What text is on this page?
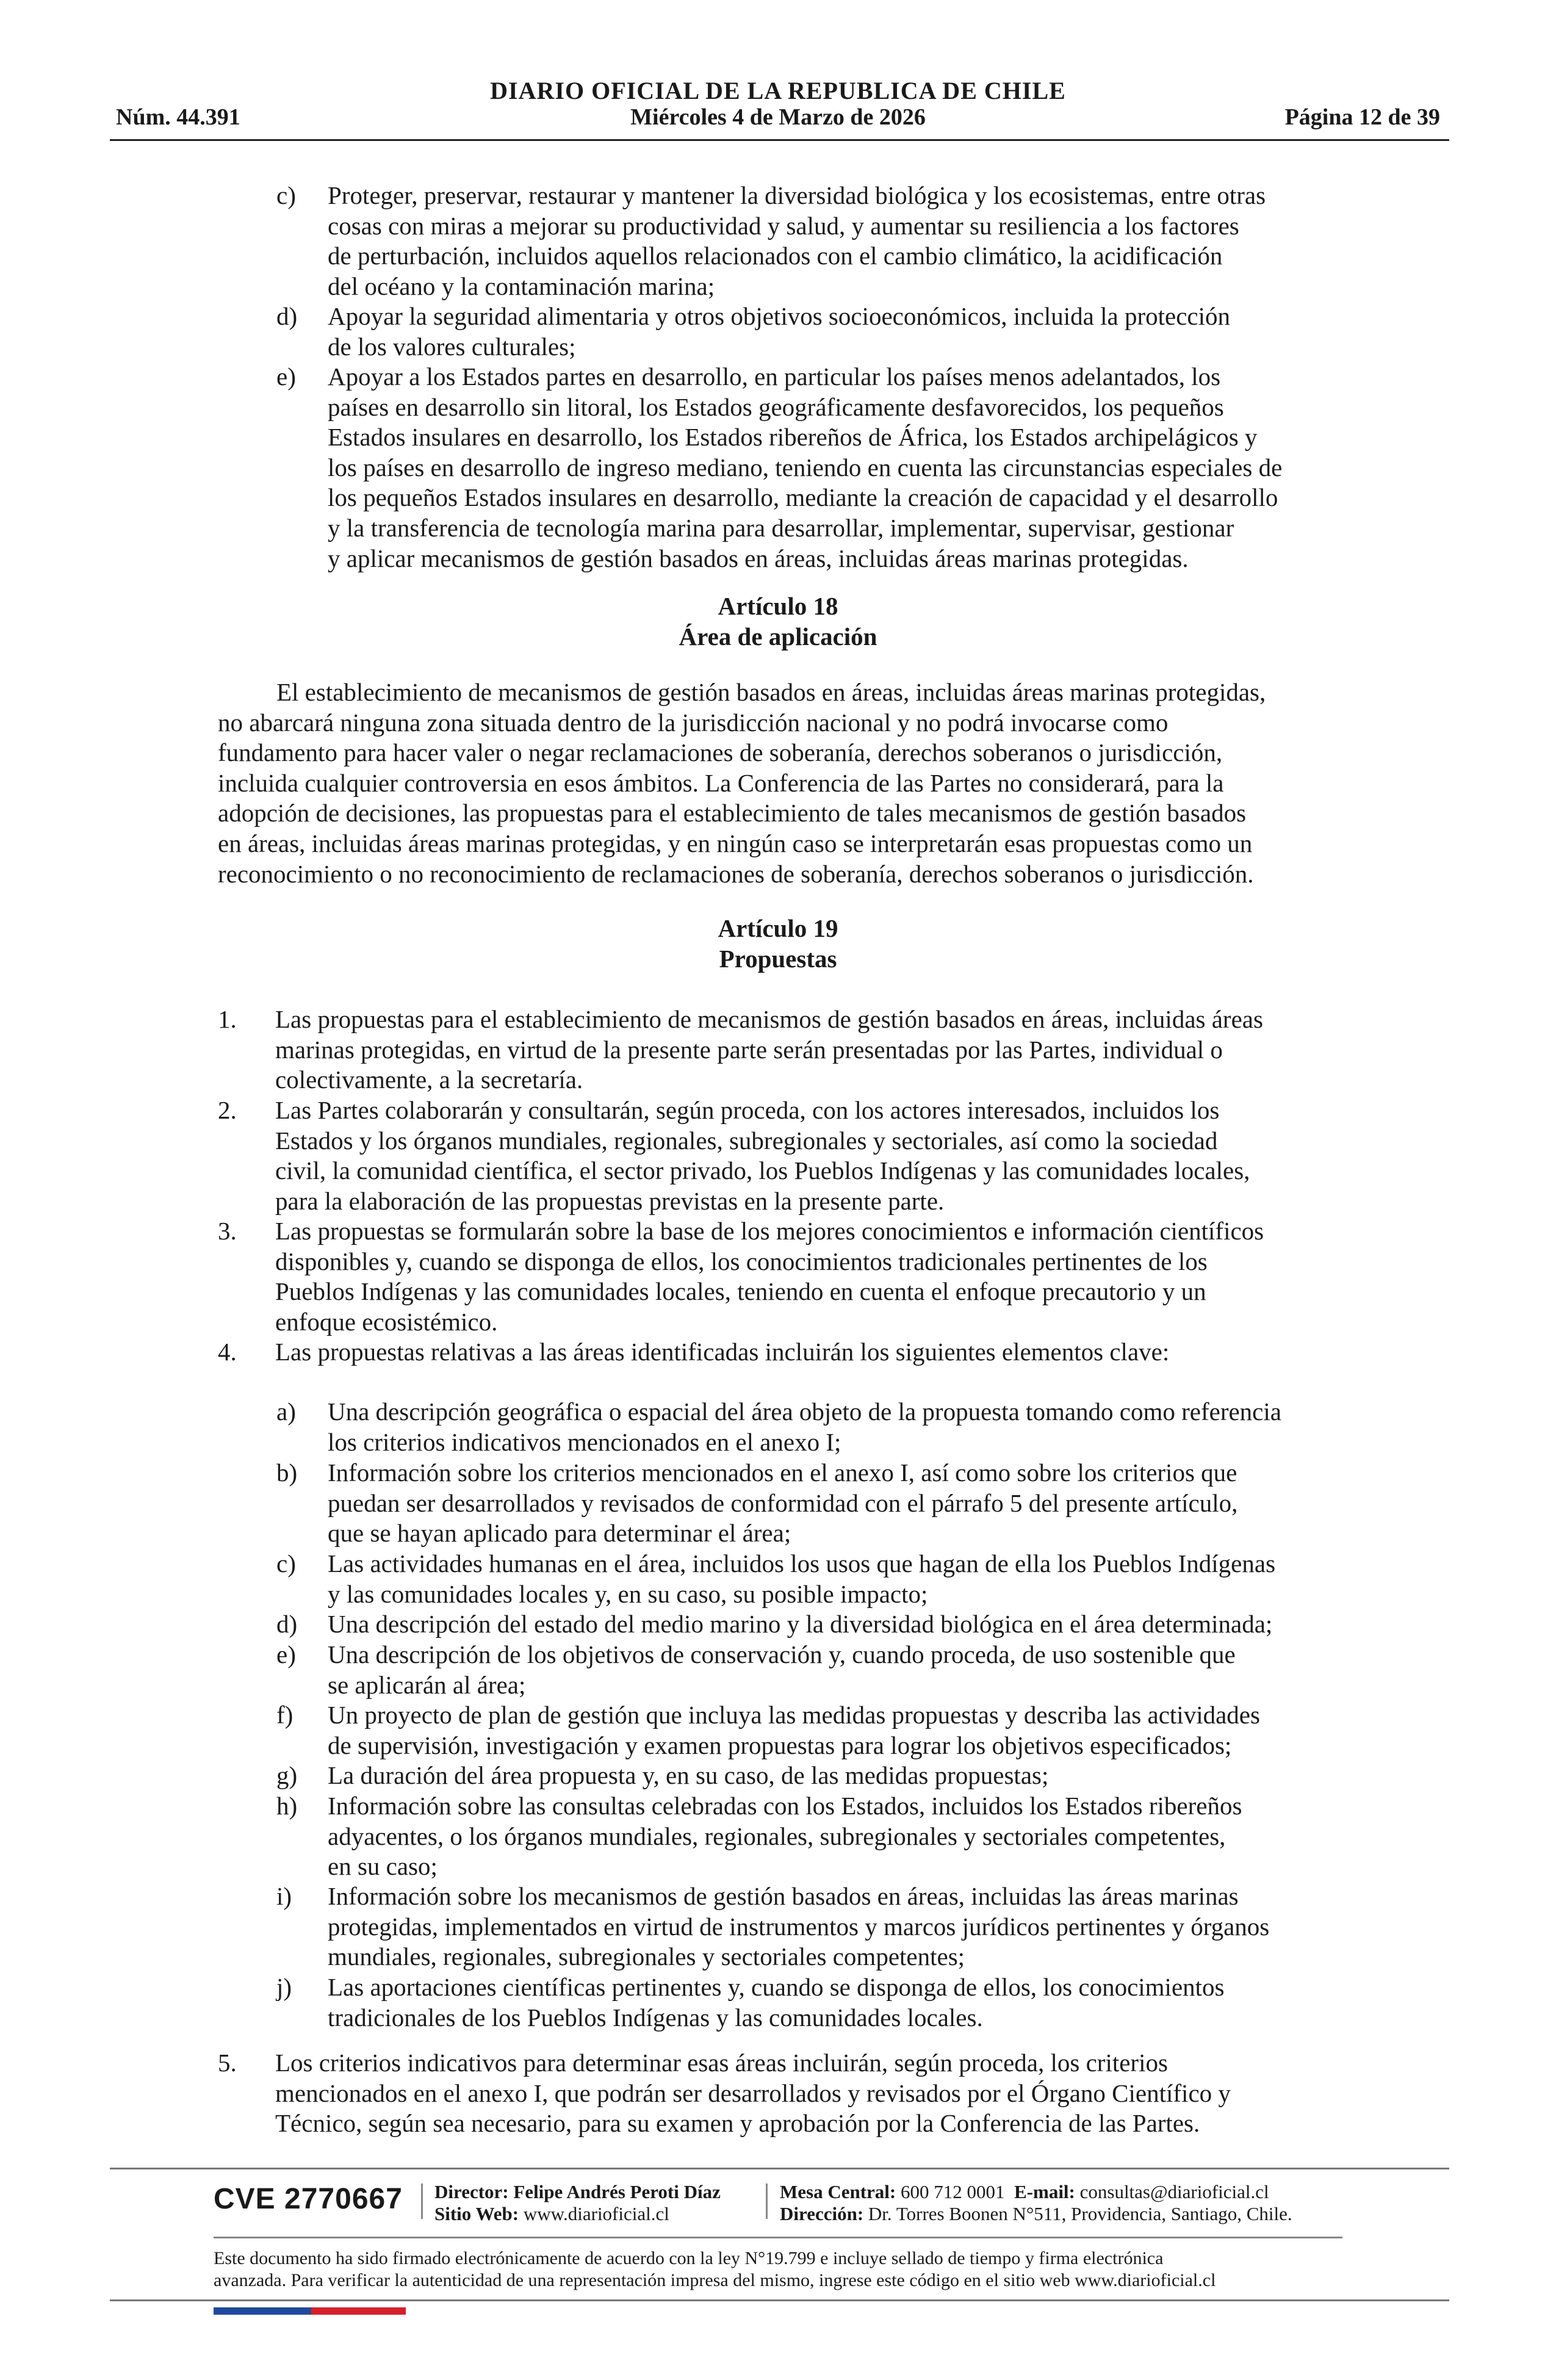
Núm. 44.391
DIARIO OFICIAL DE LA REPUBLICA DE CHILE
Miércoles 4 de Marzo de 2026	Página 12 de 39
c) Proteger, preservar, restaurar y mantener la diversidad biológica y los ecosistemas, entre otras
cosas con miras a mejorar su productividad y salud, y aumentar su resiliencia a los factores
de perturbación, incluidos aquellos relacionados con el cambio climático, la acidificación
del océano y la contaminación marina;
d) Apoyar la seguridad alimentaria y otros objetivos socioeconómicos, incluida la protección
de los valores culturales;
e) Apoyar a los Estados partes en desarrollo, en particular los países menos adelantados, los
países en desarrollo sin litoral, los Estados geográficamente desfavorecidos, los pequeños
Estados insulares en desarrollo, los Estados ribereños de África, los Estados archipelágicos y
los países en desarrollo de ingreso mediano, teniendo en cuenta las circunstancias especiales de
los pequeños Estados insulares en desarrollo, mediante la creación de capacidad y el desarrollo
y la transferencia de tecnología marina para desarrollar, implementar, supervisar, gestionar
y aplicar mecanismos de gestión basados en áreas, incluidas áreas marinas protegidas.
Artículo 18
Área de aplicación
El establecimiento de mecanismos de gestión basados en áreas, incluidas áreas marinas protegidas,
no abarcará ninguna zona situada dentro de la jurisdicción nacional y no podrá invocarse como
fundamento para hacer valer o negar reclamaciones de soberanía, derechos soberanos o jurisdicción,
incluida cualquier controversia en esos ámbitos. La Conferencia de las Partes no considerará, para la
adopción de decisiones, las propuestas para el establecimiento de tales mecanismos de gestión basados
en áreas, incluidas áreas marinas protegidas, y en ningún caso se interpretarán esas propuestas como un
reconocimiento o no reconocimiento de reclamaciones de soberanía, derechos soberanos o jurisdicción.
Artículo 19
Propuestas
1. Las propuestas para el establecimiento de mecanismos de gestión basados en áreas, incluidas áreas
marinas protegidas, en virtud de la presente parte serán presentadas por las Partes, individual o
colectivamente, a la secretaría.
2. Las Partes colaborarán y consultarán, según proceda, con los actores interesados, incluidos los
Estados y los órganos mundiales, regionales, subregionales y sectoriales, así como la sociedad
civil, la comunidad científica, el sector privado, los Pueblos Indígenas y las comunidades locales,
para la elaboración de las propuestas previstas en la presente parte.
3. Las propuestas se formularán sobre la base de los mejores conocimientos e información científicos
disponibles y, cuando se disponga de ellos, los conocimientos tradicionales pertinentes de los
Pueblos Indígenas y las comunidades locales, teniendo en cuenta el enfoque precautorio y un
enfoque ecosistémico.
4. Las propuestas relativas a las áreas identificadas incluirán los siguientes elementos clave:
a) Una descripción geográfica o espacial del área objeto de la propuesta tomando como referencia
los criterios indicativos mencionados en el anexo I;
b) Información sobre los criterios mencionados en el anexo I, así como sobre los criterios que
puedan ser desarrollados y revisados de conformidad con el párrafo 5 del presente artículo,
que se hayan aplicado para determinar el área;
c) Las actividades humanas en el área, incluidos los usos que hagan de ella los Pueblos Indígenas
y las comunidades locales y, en su caso, su posible impacto;
d) Una descripción del estado del medio marino y la diversidad biológica en el área determinada;
e) Una descripción de los objetivos de conservación y, cuando proceda, de uso sostenible que
se aplicarán al área;
f) Un proyecto de plan de gestión que incluya las medidas propuestas y describa las actividades
de supervisión, investigación y examen propuestas para lograr los objetivos especificados;
g) La duración del área propuesta y, en su caso, de las medidas propuestas;
h) Información sobre las consultas celebradas con los Estados, incluidos los Estados ribereños
adyacentes, o los órganos mundiales, regionales, subregionales y sectoriales competentes,
en su caso;
i) Información sobre los mecanismos de gestión basados en áreas, incluidas las áreas marinas
protegidas, implementados en virtud de instrumentos y marcos jurídicos pertinentes y órganos
mundiales, regionales, subregionales y sectoriales competentes;
j) Las aportaciones científicas pertinentes y, cuando se disponga de ellos, los conocimientos
tradicionales de los Pueblos Indígenas y las comunidades locales.
5. Los criterios indicativos para determinar esas áreas incluirán, según proceda, los criterios
mencionados en el anexo I, que podrán ser desarrollados y revisados por el Órgano Científico y
Técnico, según sea necesario, para su examen y aprobación por la Conferencia de las Partes.
CVE 2770667 Director: Felipe Andrés Peroti Díaz
Sitio Web: www.diarioficial.cl
Mesa Central: 600 712 0001 E-mail: consultas@diarioficial.cl
Dirección: Dr. Torres Boonen N°511, Providencia, Santiago, Chile.
Este documento ha sido firmado electrónicamente de acuerdo con la ley N°19.799 e incluye sellado de tiempo y firma electrónica
avanzada. Para verificar la autenticidad de una representación impresa del mismo, ingrese este código en el sitio web www.diarioficial.cl
